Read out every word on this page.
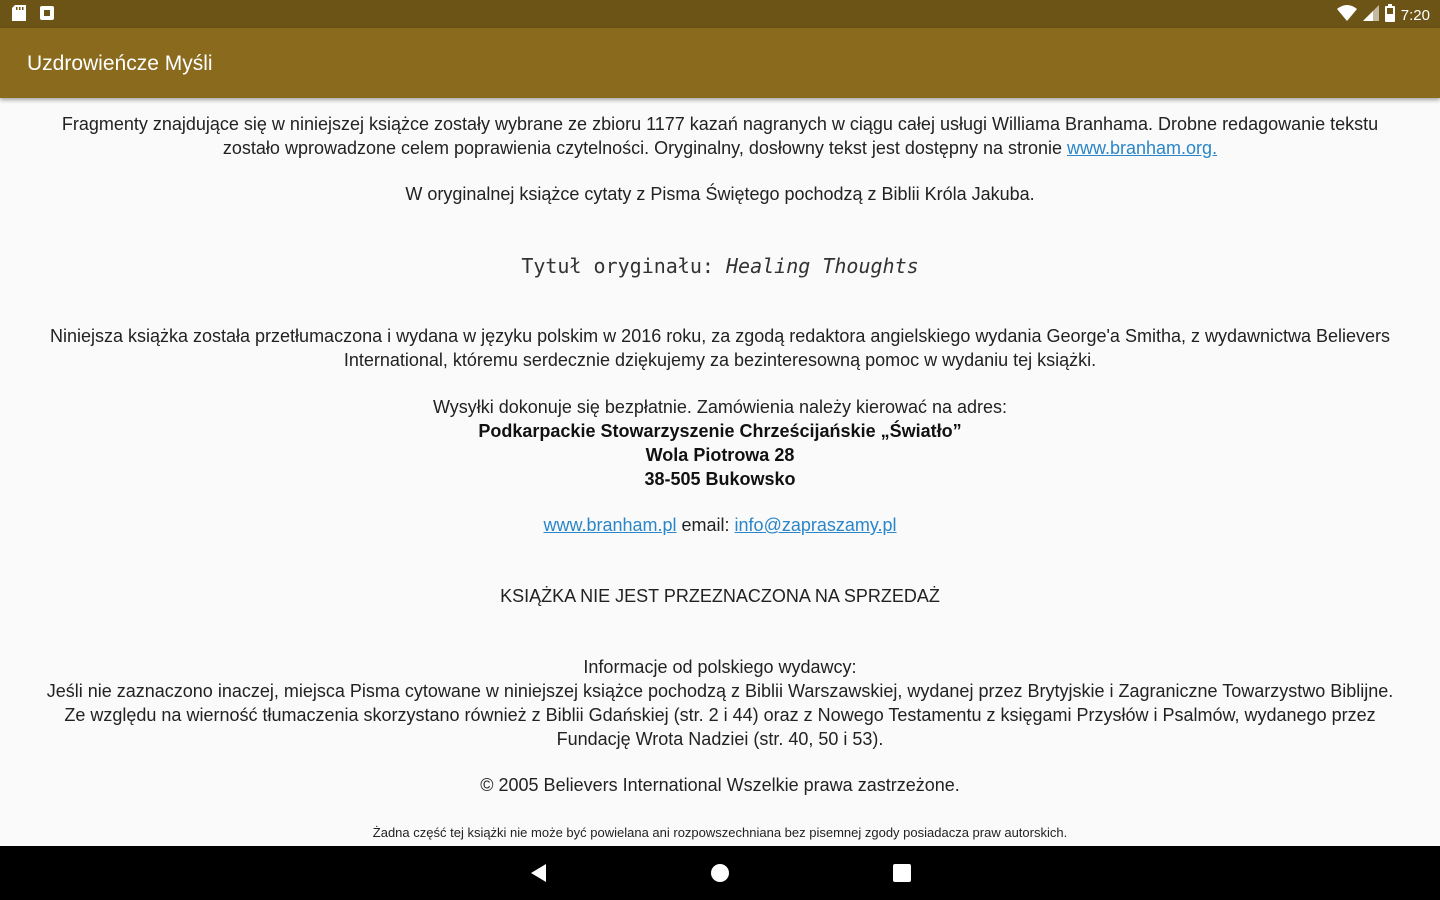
7:20
Uzdrowieńcze Myśli

Fragmenty znajdujące się w niniejszej książce zostały wybrane ze zbioru 1177 kazań nagranych w ciągu całej usługi Williama Branhama. Drobne redagowanie tekstu zostało wprowadzone celem poprawienia czytelności. Oryginalny, dosłowny tekst jest dostępny na stronie www.branham.org.

W oryginalnej książce cytaty z Pisma Świętego pochodzą z Biblii Króla Jakuba.

Tytuł oryginału: Healing Thoughts

Niniejsza książka została przetłumaczona i wydana w języku polskim w 2016 roku, za zgodą redaktora angielskiego wydania George'a Smitha, z wydawnictwa Believers International, któremu serdecznie dziękujemy za bezinteresowną pomoc w wydaniu tej książki.

Wysyłki dokonuje się bezpłatnie. Zamówienia należy kierować na adres:
Podkarpackie Stowarzyszenie Chrześcijańskie „Światło”
Wola Piotrowa 28
38-505 Bukowsko

www.branham.pl email: info@zapraszamy.pl

KSIĄŻKA NIE JEST PRZEZNACZONA NA SPRZEDAŻ

Informacje od polskiego wydawcy:
Jeśli nie zaznaczono inaczej, miejsca Pisma cytowane w niniejszej książce pochodzą z Biblii Warszawskiej, wydanej przez Brytyjskie i Zagraniczne Towarzystwo Biblijne. Ze względu na wierność tłumaczenia skorzystano również z Biblii Gdańskiej (str. 2 i 44) oraz z Nowego Testamentu z księgami Przysłów i Psalmów, wydanego przez Fundację Wrota Nadziei (str. 40, 50 i 53).

© 2005 Believers International Wszelkie prawa zastrzeżone.

Żadna część tej książki nie może być powielana ani rozpowszechniana bez pisemnej zgody posiadacza praw autorskich.
